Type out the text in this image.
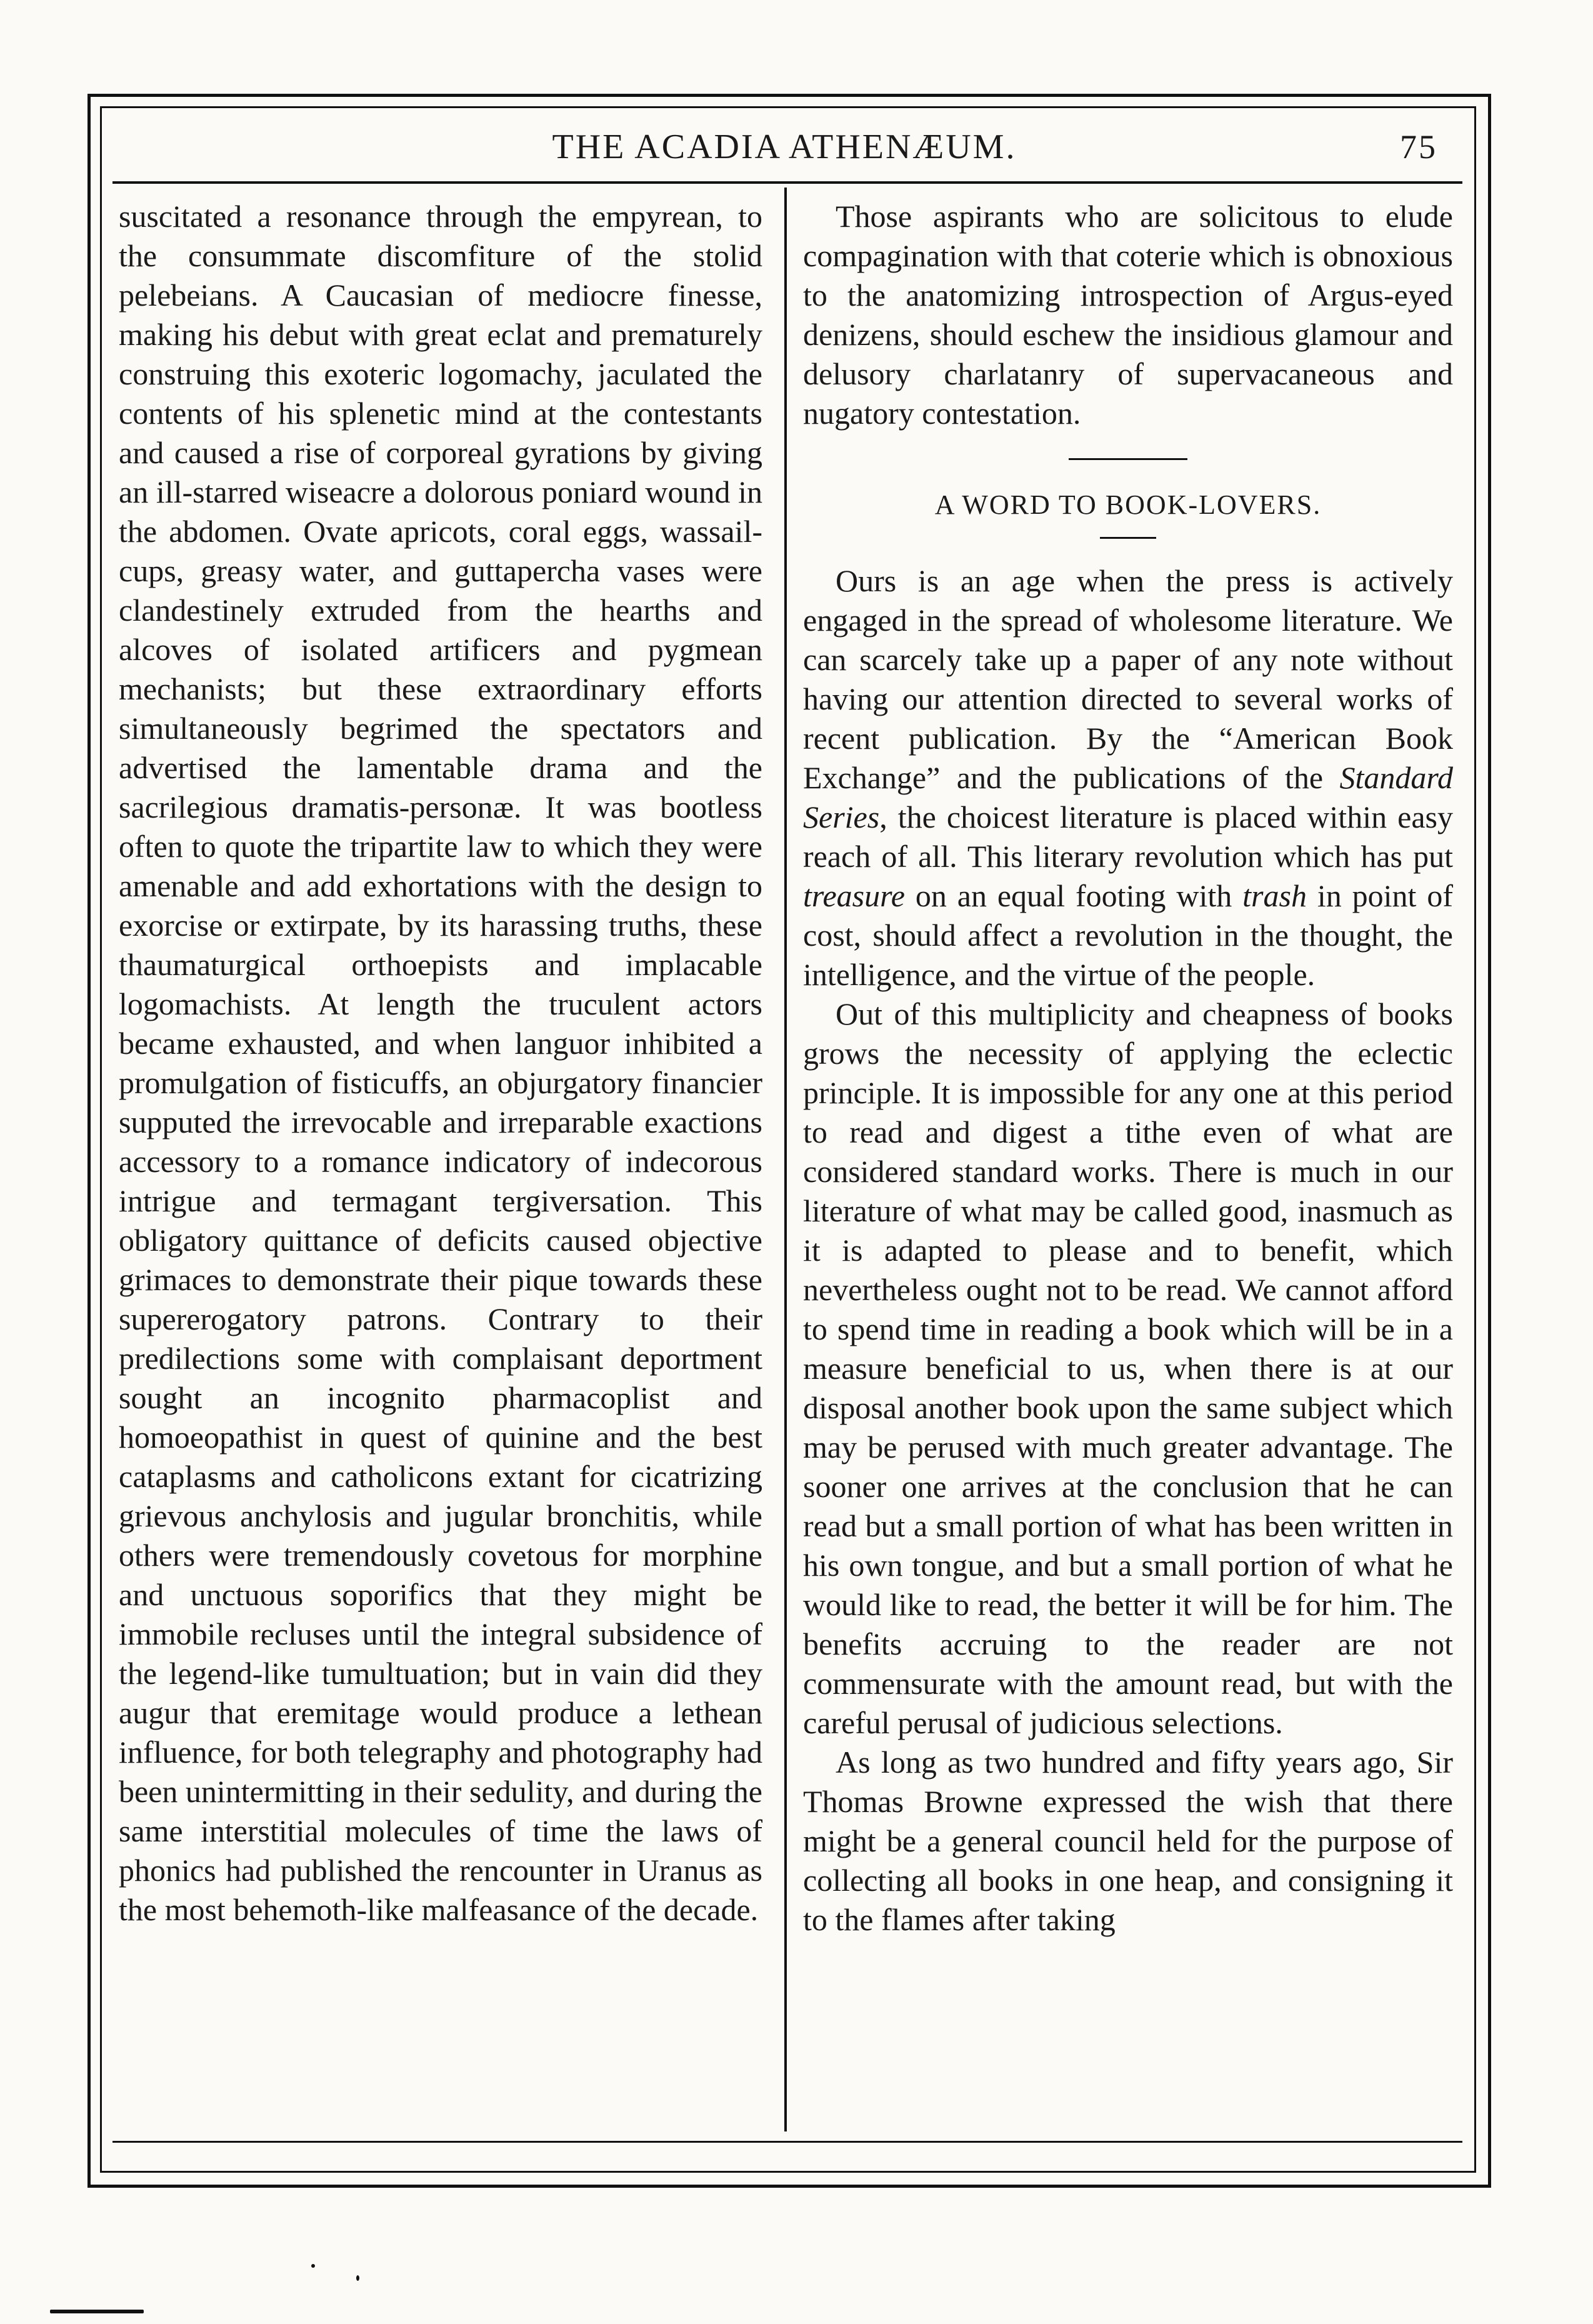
THE ACADIA ATHENÆUM.	75

suscitated a resonance through the empyrean, to the consummate discomfiture of the stolid pelebeians. A Caucasian of mediocre finesse, making his debut with great eclat and prematurely construing this exoteric logomachy, jaculated the contents of his splenetic mind at the contestants and caused a rise of corporeal gyrations by giving an ill-starred wiseacre a dolorous poniard wound in the abdomen. Ovate apricots, coral eggs, wassail-cups, greasy water, and guttapercha vases were clandestinely extruded from the hearths and alcoves of isolated artificers and pygmean mechanists; but these extraordinary efforts simultaneously begrimed the spectators and advertised the lamentable drama and the sacrilegious dramatis-personæ. It was bootless often to quote the tripartite law to which they were amenable and add exhortations with the design to exorcise or extirpate, by its harassing truths, these thaumaturgical orthoepists and implacable logomachists. At length the truculent actors became exhausted, and when languor inhibited a promulgation of fisticuffs, an objurgatory financier supputed the irrevocable and irreparable exactions accessory to a romance indicatory of indecorous intrigue and termagant tergiversation. This obligatory quittance of deficits caused objective grimaces to demonstrate their pique towards these supererogatory patrons. Contrary to their predilections some with complaisant deportment sought an incognito pharmacoplist and homoeopathist in quest of quinine and the best cataplasms and catholicons extant for cicatrizing grievous anchylosis and jugular bronchitis, while others were tremendously covetous for morphine and unctuous soporifics that they might be immobile recluses until the integral subsidence of the legend-like tumultuation; but in vain did they augur that eremitage would produce a lethean influence, for both telegraphy and photography had been unintermitting in their sedulity, and during the same interstitial molecules of time the laws of phonics had published the rencounter in Uranus as the most behemoth-like malfeasance of the decade.

Those aspirants who are solicitous to elude compagination with that coterie which is obnoxious to the anatomizing introspection of Argus-eyed denizens, should eschew the insidious glamour and delusory charlatanry of supervacaneous and nugatory contestation.

A WORD TO BOOK-LOVERS.

Ours is an age when the press is actively engaged in the spread of wholesome literature. We can scarcely take up a paper of any note without having our attention directed to several works of recent publication. By the “American Book Exchange” and the publications of the Standard Series, the choicest literature is placed within easy reach of all. This literary revolution which has put treasure on an equal footing with trash in point of cost, should affect a revolution in the thought, the intelligence, and the virtue of the people.

Out of this multiplicity and cheapness of books grows the necessity of applying the eclectic principle. It is impossible for any one at this period to read and digest a tithe even of what are considered standard works. There is much in our literature of what may be called good, inasmuch as it is adapted to please and to benefit, which nevertheless ought not to be read. We cannot afford to spend time in reading a book which will be in a measure beneficial to us, when there is at our disposal another book upon the same subject which may be perused with much greater advantage. The sooner one arrives at the conclusion that he can read but a small portion of what has been written in his own tongue, and but a small portion of what he would like to read, the better it will be for him. The benefits accruing to the reader are not commensurate with the amount read, but with the careful perusal of judicious selections.

As long as two hundred and fifty years ago, Sir Thomas Browne expressed the wish that there might be a general council held for the purpose of collecting all books in one heap, and consigning it to the flames after taking
